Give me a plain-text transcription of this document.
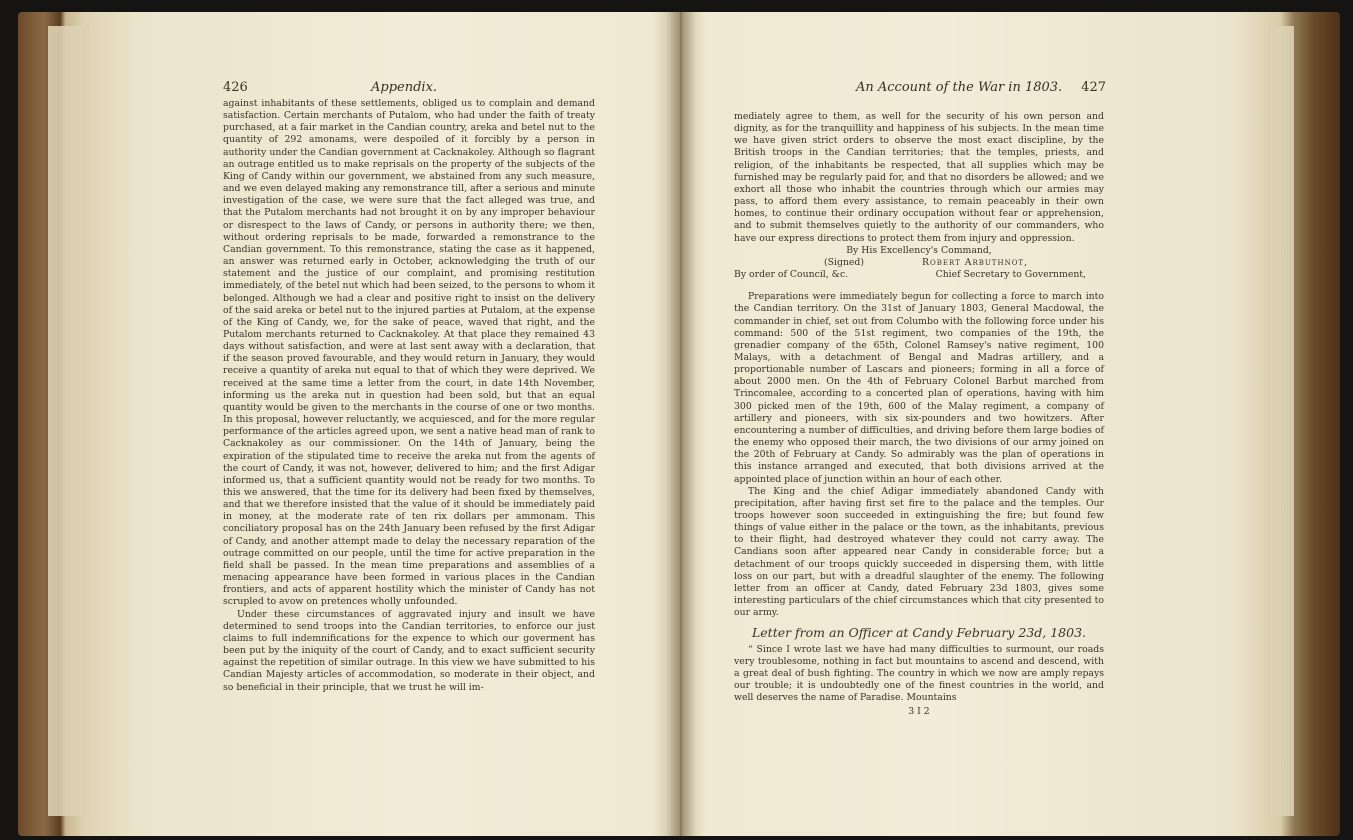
426	Appendix.

against inhabitants of these settlements, obliged us to complain and demand satisfaction. Certain merchants of Putalom, who had under the faith of treaty purchased, at a fair market in the Candian country, areka and betel nut to the quantity of 292 amonams, were despoiled of it forcibly by a person in authority under the Candian government at Cacknakoley. Although so flagrant an outrage entitled us to make reprisals on the property of the subjects of the King of Candy within our government, we abstained from any such measure, and we even delayed making any remonstrance till, after a serious and minute investigation of the case, we were sure that the fact alleged was true, and that the Putalom merchants had not brought it on by any improper behaviour or disrespect to the laws of Candy, or persons in authority there; we then, without ordering reprisals to be made, forwarded a remonstrance to the Candian government. To this remonstrance, stating the case as it happened, an answer was returned early in October, acknowledging the truth of our statement and the justice of our complaint, and promising restitution immediately, of the betel nut which had been seized, to the persons to whom it belonged. Although we had a clear and positive right to insist on the delivery of the said areka or betel nut to the injured parties at Putalom, at the expense of the King of Candy, we, for the sake of peace, waved that right, and the Putalom merchants returned to Cacknakoley. At that place they remained 43 days without satisfaction, and were at last sent away with a declaration, that if the season proved favourable, and they would return in January, they would receive a quantity of areka nut equal to that of which they were deprived. We received at the same time a letter from the court, in date 14th November, informing us the areka nut in question had been sold, but that an equal quantity would be given to the merchants in the course of one or two months. In this proposal, however reluctantly, we acquiesced, and for the more regular performance of the articles agreed upon, we sent a native head man of rank to Cacknakoley as our commissioner. On the 14th of January, being the expiration of the stipulated time to receive the areka nut from the agents of the court of Candy, it was not, however, delivered to him; and the first Adigar informed us, that a sufficient quantity would not be ready for two months. To this we answered, that the time for its delivery had been fixed by themselves, and that we therefore insisted that the value of it should be immediately paid in money, at the moderate rate of ten rix dollars per ammonam. This conciliatory proposal has on the 24th January been refused by the first Adigar of Candy, and another attempt made to delay the necessary reparation of the outrage committed on our people, until the time for active preparation in the field shall be passed. In the mean time preparations and assemblies of a menacing appearance have been formed in various places in the Candian frontiers, and acts of apparent hostility which the minister of Candy has not scrupled to avow on pretences wholly unfounded.

Under these circumstances of aggravated injury and insult we have determined to send troops into the Candian territories, to enforce our just claims to full indemnifications for the expence to which our goverment has been put by the iniquity of the court of Candy, and to exact sufficient security against the repetition of similar outrage. In this view we have submitted to his Candian Majesty articles of accommodation, so moderate in their object, and so beneficial in their principle, that we trust he will im-

An Account of the War in 1803. 427

mediately agree to them, as well for the security of his own person and dignity, as for the tranquillity and happiness of his subjects. In the mean time we have given strict orders to observe the most exact discipline, by the British troops in the Candian territories; that the temples, priests, and religion, of the inhabitants be respected, that all supplies which may be furnished may be regularly paid for, and that no disorders be allowed; and we exhort all those who inhabit the countries through which our armies may pass, to afford them every assistance, to remain peaceably in their own homes, to continue their ordinary occupation without fear or apprehension, and to submit themselves quietly to the authority of our commanders, who have our express directions to protect them from injury and oppression.

By His Excellency's Command,
(Signed)	Robert Arbuthnot,
By order of Council, &c.	Chief Secretary to Government,

Preparations were immediately begun for collecting a force to march into the Candian territory. On the 31st of January 1803, General Macdowal, the commander in chief, set out from Columbo with the following force under his command: 500 of the 51st regiment, two companies of the 19th, the grenadier company of the 65th, Colonel Ramsey's native regiment, 100 Malays, with a detachment of Bengal and Madras artillery, and a proportionable number of Lascars and pioneers; forming in all a force of about 2000 men. On the 4th of February Colonel Barbut marched from Trincomalee, according to a concerted plan of operations, having with him 300 picked men of the 19th, 600 of the Malay regiment, a company of artillery and pioneers, with six six-pounders and two howitzers. After encountering a number of difficulties, and driving before them large bodies of the enemy who opposed their march, the two divisions of our army joined on the 20th of February at Candy. So admirably was the plan of operations in this instance arranged and executed, that both divisions arrived at the appointed place of junction within an hour of each other.

The King and the chief Adigar immediately abandoned Candy with precipitation, after having first set fire to the palace and the temples. Our troops however soon succeeded in extinguishing the fire; but found few things of value either in the palace or the town, as the inhabitants, previous to their flight, had destroyed whatever they could not carry away. The Candians soon after appeared near Candy in considerable force; but a detachment of our troops quickly succeeded in dispersing them, with little loss on our part, but with a dreadful slaughter of the enemy. The following letter from an officer at Candy, dated February 23d 1803, gives some interesting particulars of the chief circumstances which that city presented to our army.

Letter from an Officer at Candy February 23d, 1803.

“ Since I wrote last we have had many difficulties to surmount, our roads very troublesome, nothing in fact but mountains to ascend and descend, with a great deal of bush fighting. The country in which we now are amply repays our trouble; it is undoubtedly one of the finest countries in the world, and well deserves the name of Paradise. Mountains

3 I 2
